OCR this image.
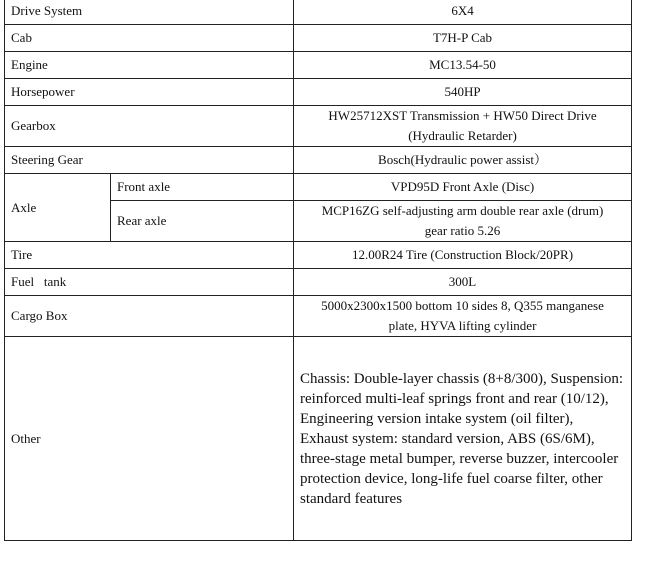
Drive System		6X4
Cab		T7H-P Cab
Engine		MC13.54-50
Horsepower		540HP
Gearbox		HW25712XST Transmission + HW50 Direct Drive
(Hydraulic Retarder)

Steering Gear		Bosch(Hydraulic power assist）
Axle	Front axle	VPD95D Front Axle (Disc)
	Rear axle	MCP16ZG self-adjusting arm double rear axle (drum)
gear ratio 5.26

Tire		12.00R24 Tire (Construction Block/20PR)
Fuel   tank		300L
Cargo Box		5000x2300x1500 bottom 10 sides 8, Q355 manganese
plate, HYVA lifting cylinder

Other		Chassis: Double-layer chassis (8+8/300), Suspension: reinforced multi-leaf springs front and rear (10/12), Engineering version intake system (oil filter), Exhaust system: standard version, ABS (6S/6M), three-stage metal bumper, reverse buzzer, intercooler protection device, long-life fuel coarse filter, other standard features
